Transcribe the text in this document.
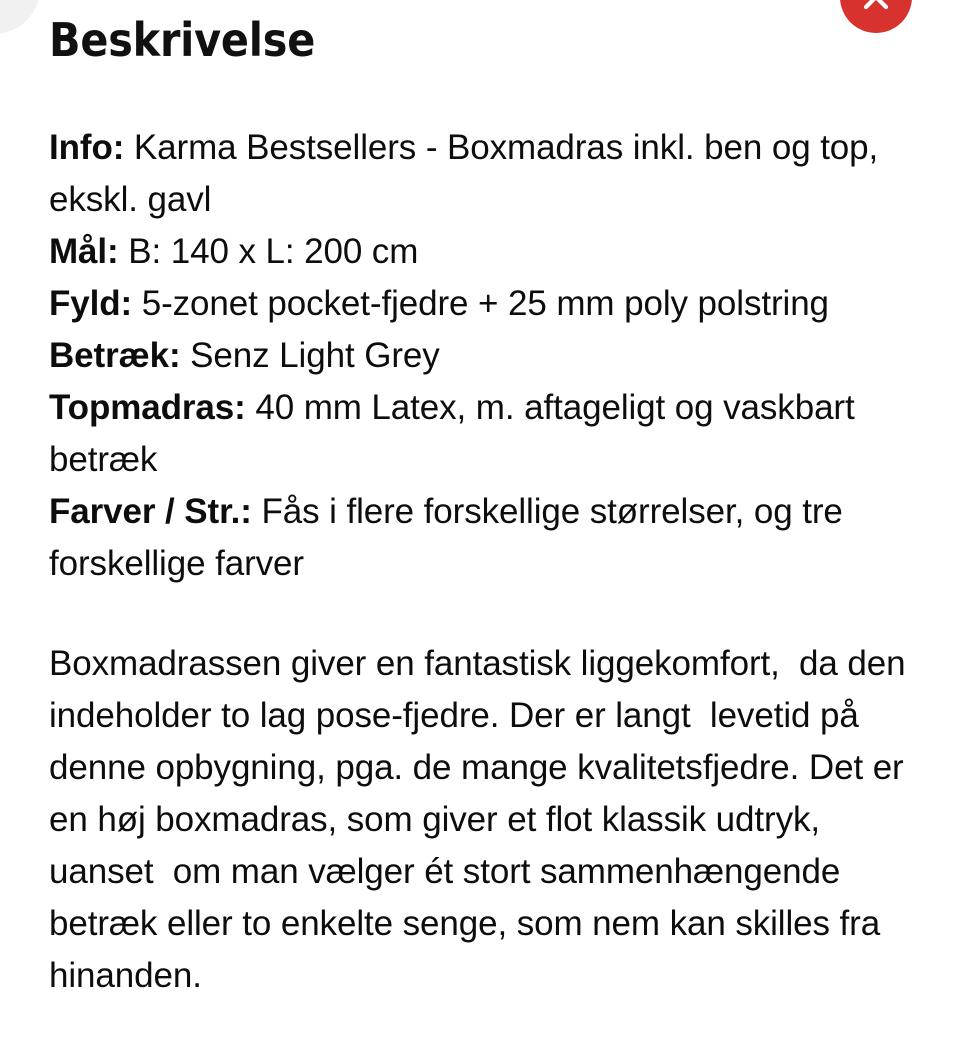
Beskrivelse

Info: Karma Bestsellers - Boxmadras inkl. ben og top, ekskl. gavl

Mål: B: 140 x L: 200 cm

Fyld: 5-zonet pocket-fjedre + 25 mm poly polstring

Betræk: Senz Light Grey

Topmadras: 40 mm Latex, m. aftageligt og vaskbart betræk

Farver / Str.: Fås i flere forskellige størrelser, og tre forskellige farver

Boxmadrassen giver en fantastisk liggekomfort,  da den indeholder to lag pose-fjedre. Der er langt  levetid på denne opbygning, pga. de mange kvalitetsfjedre. Det er en høj boxmadras, som giver et flot klassik udtryk, uanset  om man vælger ét stort sammenhængende betræk eller to enkelte senge, som nem kan skilles fra hinanden.
